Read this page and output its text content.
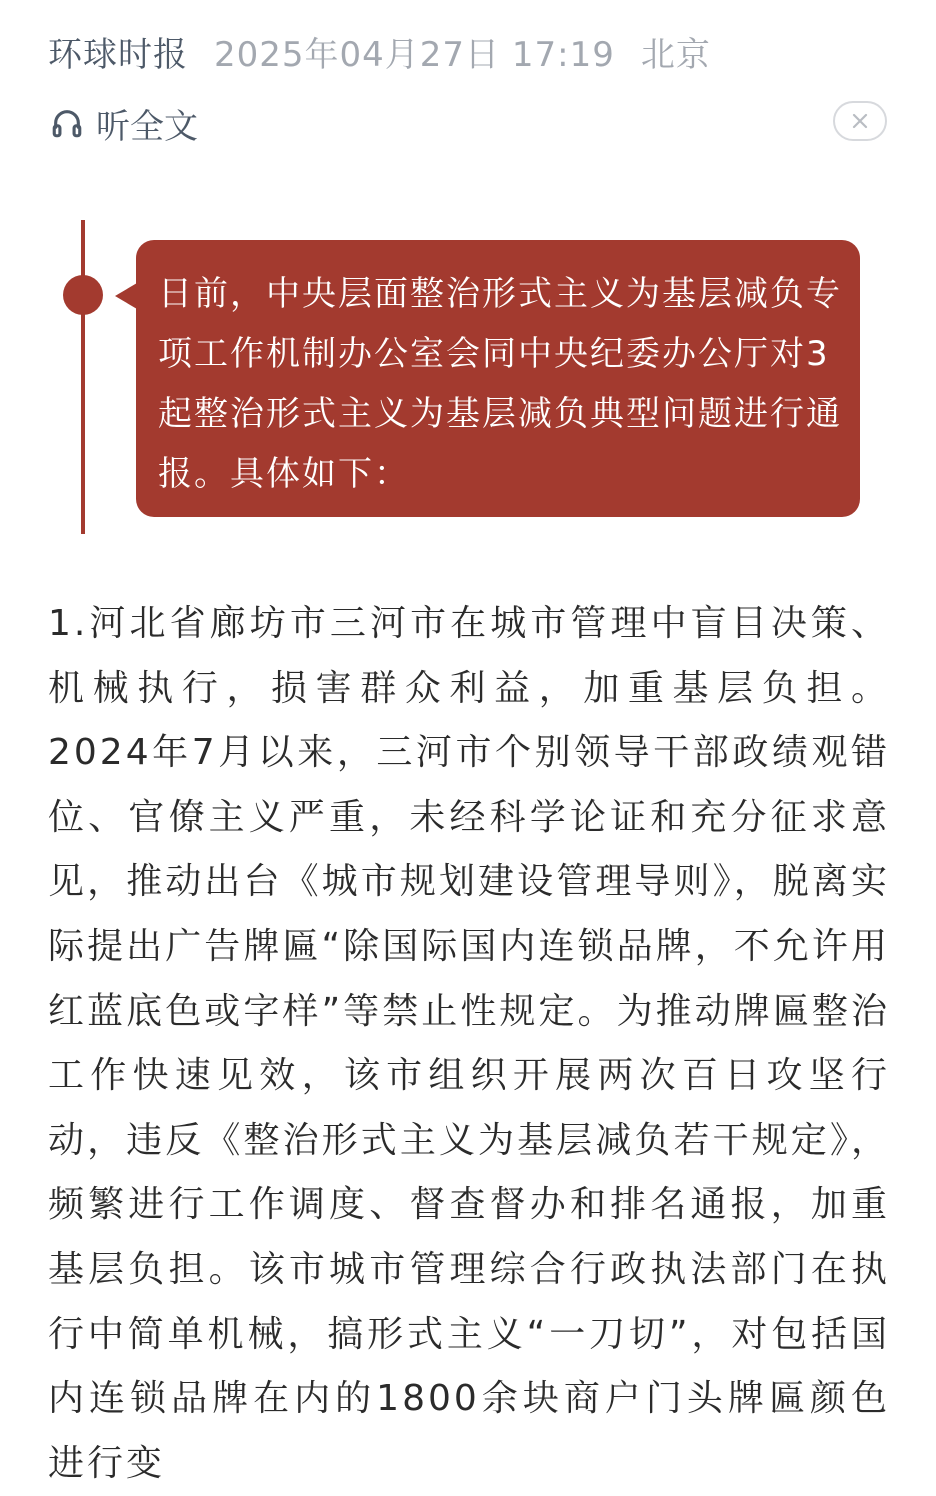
环球时报 2025年04月27日 17:19 北京
听全文
日前，中央层面整治形式主义为基层减负专项工作机制办公室会同中央纪委办公厅对3起整治形式主义为基层减负典型问题进行通报。具体如下：

1.河北省廊坊市三河市在城市管理中盲目决策、机械执行，损害群众利益，加重基层负担。2024年7月以来，三河市个别领导干部政绩观错位、官僚主义严重，未经科学论证和充分征求意见，推动出台《城市规划建设管理导则》，脱离实际提出广告牌匾“除国际国内连锁品牌，不允许用红蓝底色或字样”等禁止性规定。为推动牌匾整治工作快速见效，该市组织开展两次百日攻坚行动，违反《整治形式主义为基层减负若干规定》，频繁进行工作调度、督查督办和排名通报，加重基层负担。该市城市管理综合行政执法部门在执行中简单机械，搞形式主义“一刀切”，对包括国内连锁品牌在内的1800余块商户门头牌匾颜色进行变
